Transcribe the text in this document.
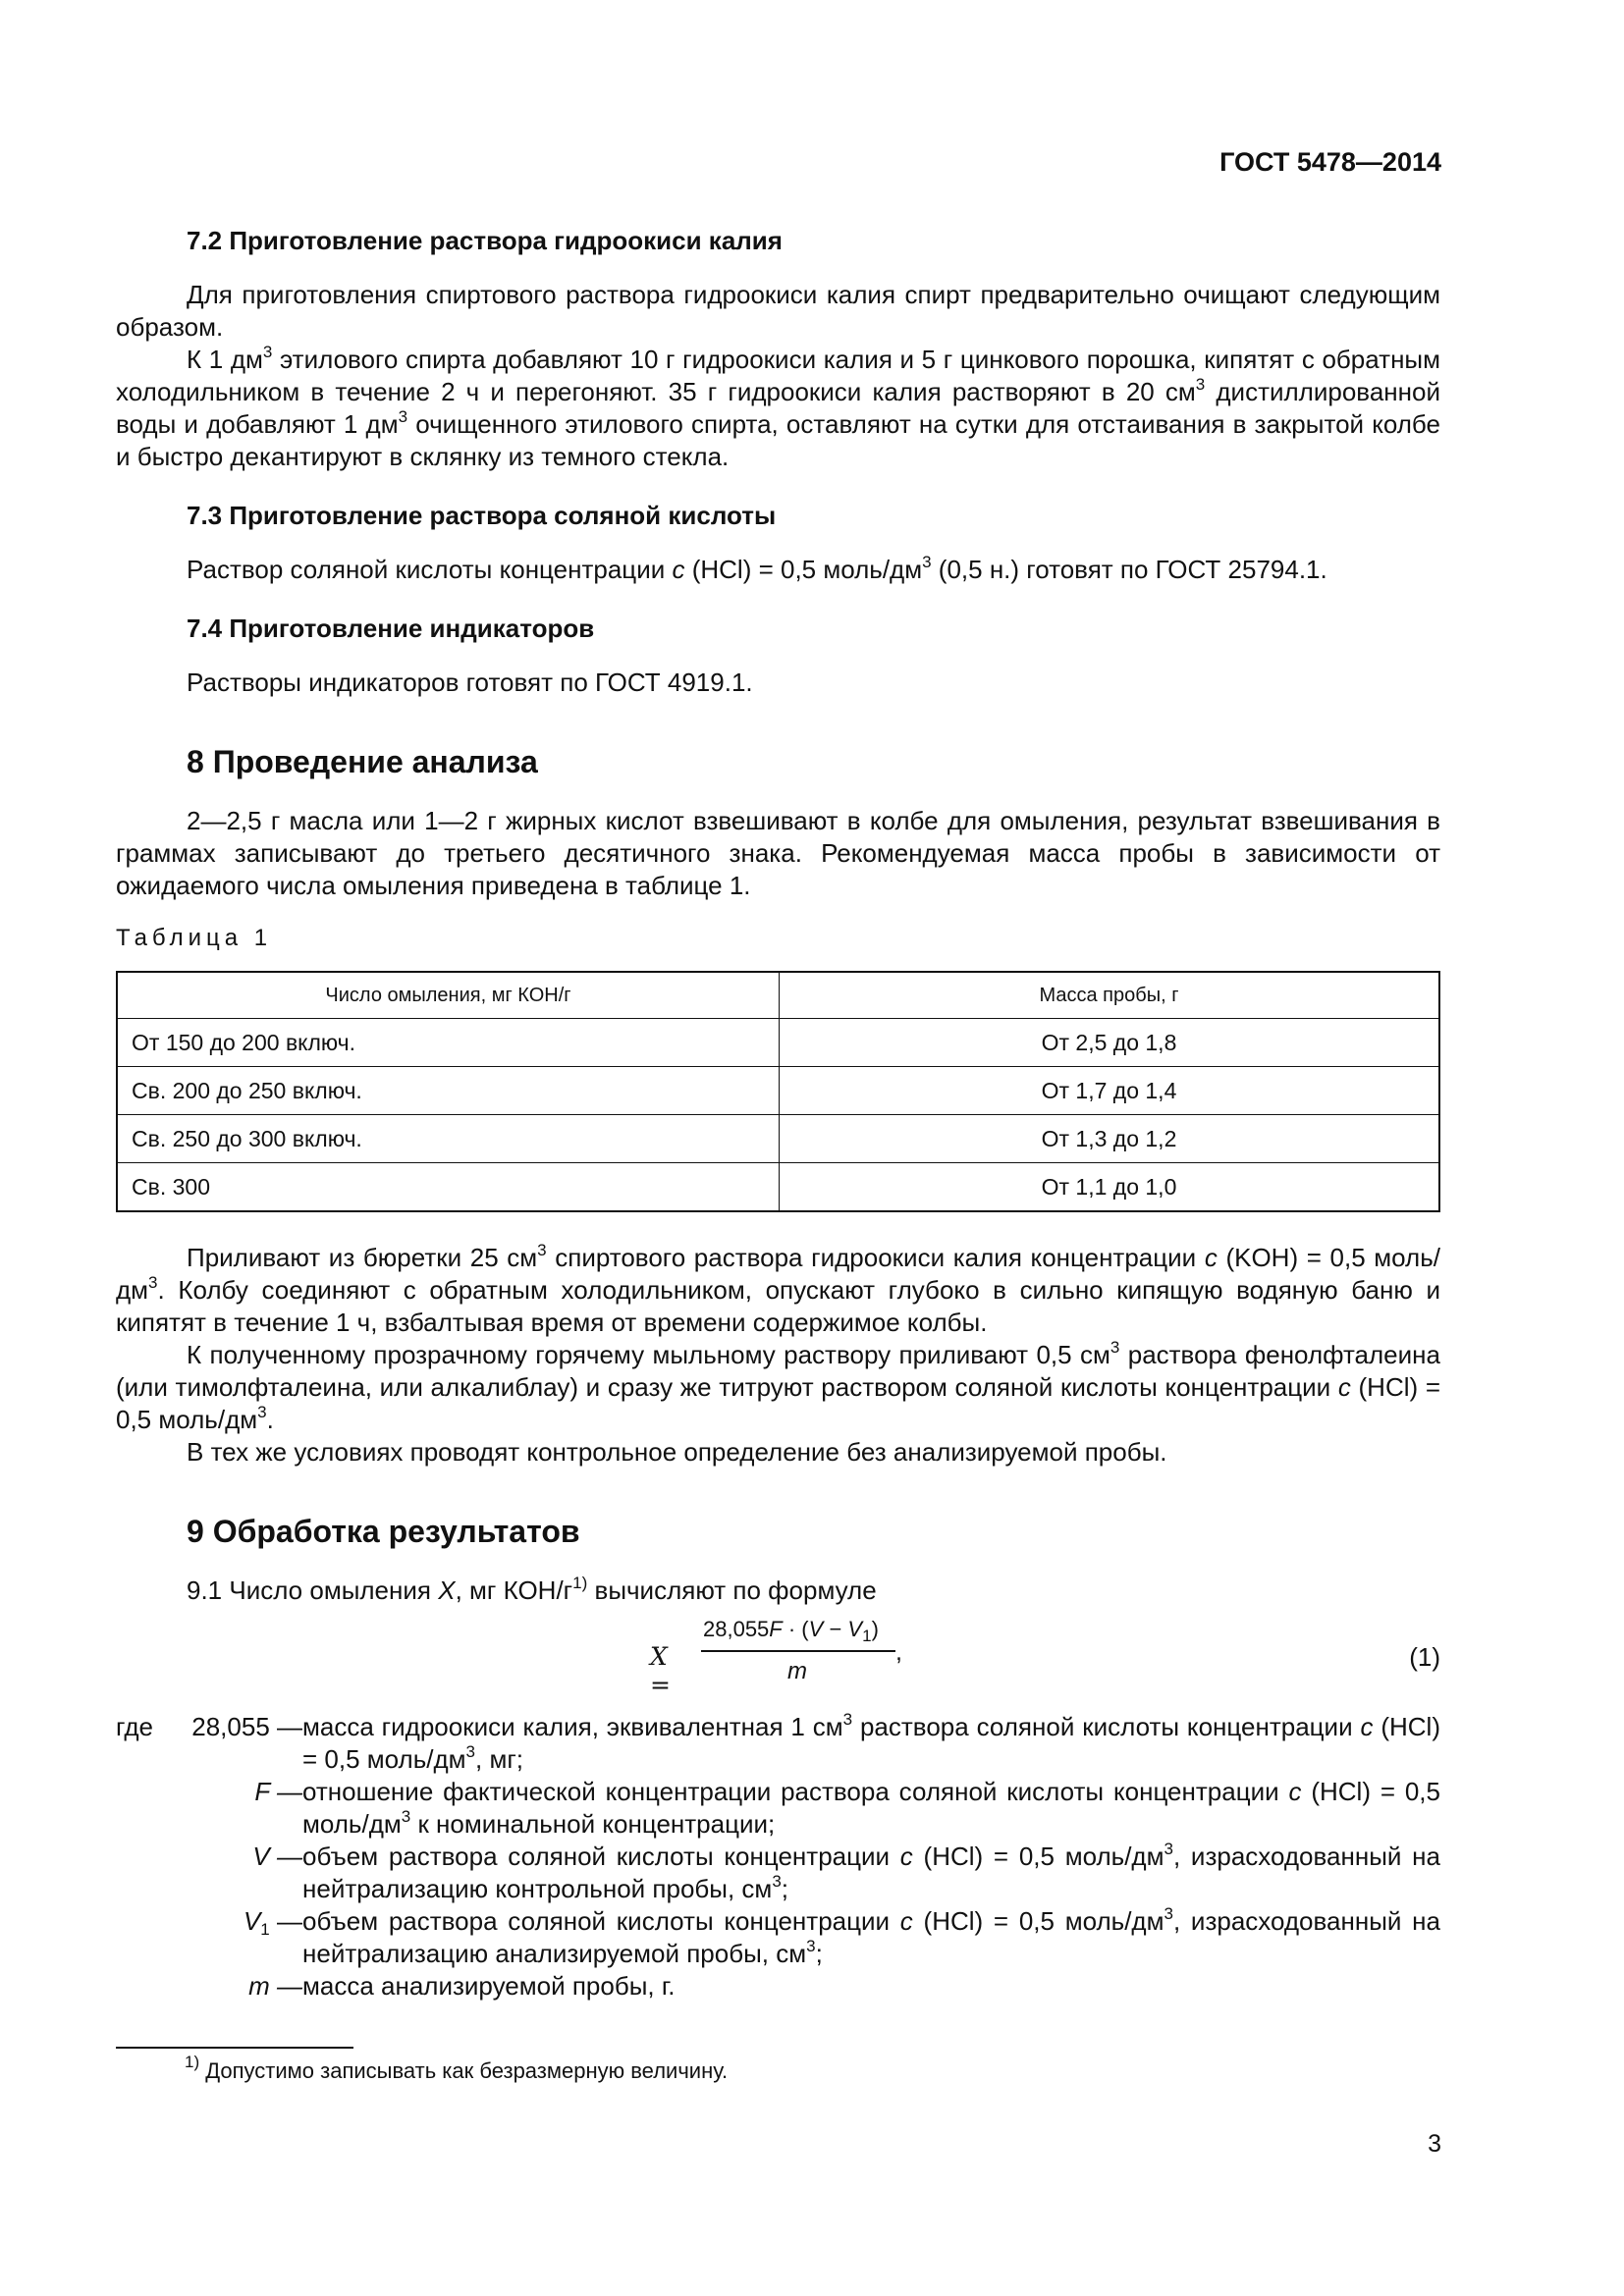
ГОСТ 5478—2014
7.2 Приготовление раствора гидроокиси калия

Для приготовления спиртового раствора гидроокиси калия спирт предварительно очищают следующим образом.

К 1 $дм^3$ этилового спирта добавляют 10 г гидроокиси калия и 5 г цинкового порошка, кипятят с обратным холодильником в течение 2 ч и перегоняют. 35 г гидроокиси калия растворяют в 20 $см^3$ дистиллированной воды и добавляют 1 $дм^3$ очищенного этилового спирта, оставляют на сутки для отстаивания в закрытой колбе и быстро декантируют в склянку из темного стекла.

7.3 Приготовление раствора соляной кислоты

Раствор соляной кислоты концентрации c (HCl) = 0,5 моль/$дм^3$ (0,5 н.) готовят по ГОСТ 25794.1.

7.4 Приготовление индикаторов

Растворы индикаторов готовят по ГОСТ 4919.1.

8 Проведение анализа

2—2,5 г масла или 1—2 г жирных кислот взвешивают в колбе для омыления, результат взвешивания в граммах записывают до третьего десятичного знака. Рекомендуемая масса пробы в зависимости от ожидаемого числа омыления приведена в таблице 1.

Таблица 1
Число омыления, мг КОН/г	Масса пробы, г
От 150 до 200 включ.	От 2,5 до 1,8
Св. 200 до 250 включ.	От 1,7 до 1,4
Св. 250 до 300 включ.	От 1,3 до 1,2
Св. 300	От 1,1 до 1,0

Приливают из бюретки 25 $см^3$ спиртового раствора гидроокиси калия концентрации c (KOH) = 0,5 моль/$дм^3$. Колбу соединяют с обратным холодильником, опускают глубоко в сильно кипящую водяную баню и кипятят в течение 1 ч, взбалтывая время от времени содержимое колбы.

К полученному прозрачному горячему мыльному раствору приливают 0,5 $см^3$ раствора фенолфталеина (или тимолфталеина, или алкалиблау) и сразу же титруют раствором соляной кислоты концентрации c (HCl) = 0,5 моль/$дм^3$.

В тех же условиях проводят контрольное определение без анализируемой пробы.

9 Обработка результатов

9.1 Число омыления X, мг КОН/$г^{1)}$ вычисляют по формуле

X =
$28,055F \cdot (V - V_1)$
m
,	(1)
где	28,055 — масса гидроокиси калия, эквивалентная 1 $см^3$ раствора соляной кислоты концентрации c (HCl) = 0,5 моль/$дм^3$, мг;
F — отношение фактической концентрации раствора соляной кислоты концентрации c (HCl) = 0,5 моль/$дм^3$ к номинальной концентрации;
V — объем раствора соляной кислоты концентрации c (HCl) = 0,5 моль/$дм^3$, израсходованный на нейтрализацию контрольной пробы, $см^3$;
$V_1$ — объем раствора соляной кислоты концентрации c (HCl) = 0,5 моль/$дм^3$, израсходованный на нейтрализацию анализируемой пробы, $см^3$;
m — масса анализируемой пробы, г.
$^{1)}$ Допустимо записывать как безразмерную величину.
3
